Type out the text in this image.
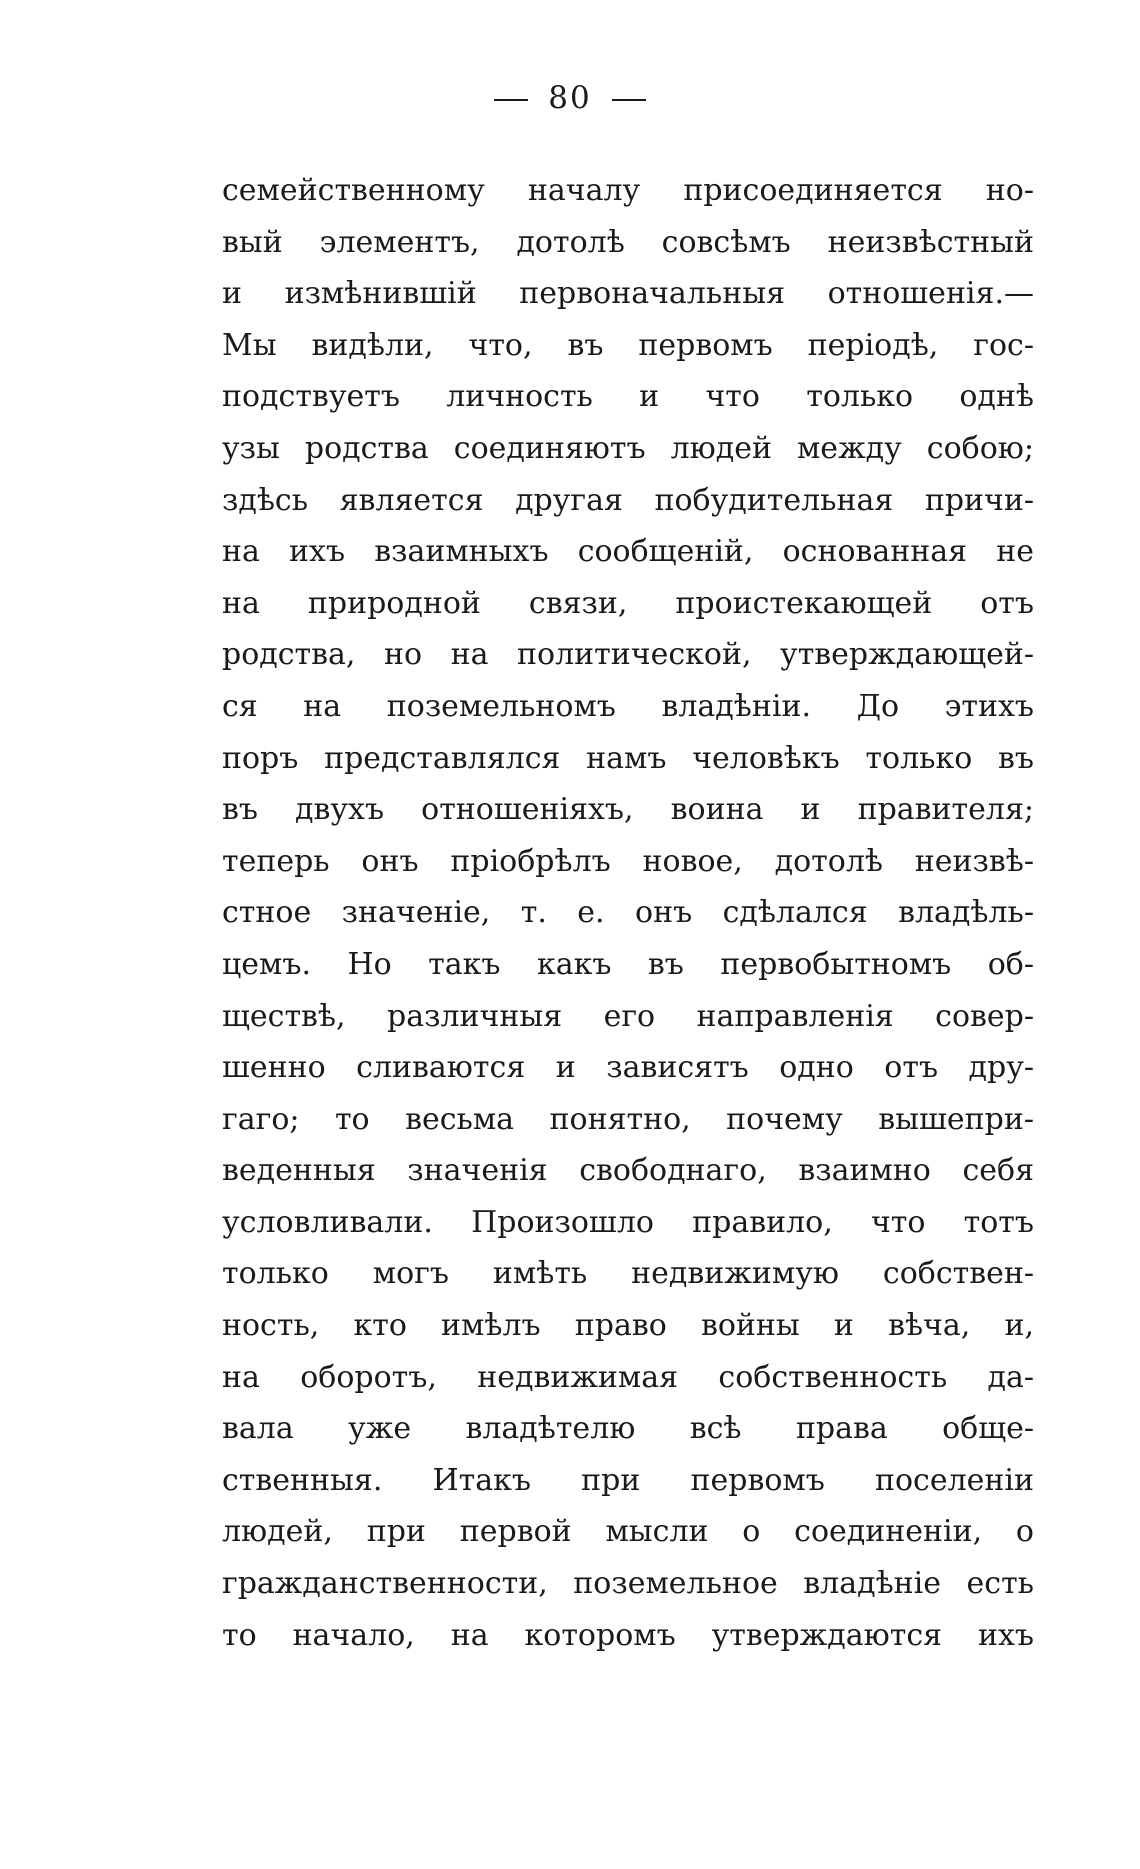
80
семейственному началу присоединяется но-
вый элементъ, дотолѣ совсѣмъ неизвѣстный
и измѣнившій первоначальныя отношенія.—
Мы видѣли, что, въ первомъ періодѣ, гос-
подствуетъ личность и что только однѣ
узы родства соединяютъ людей между собою;
здѣсь является другая побудительная причи-
на ихъ взаимныхъ сообщеній, основанная не
на природной связи, проистекающей отъ
родства, но на политической, утверждающей-
ся на поземельномъ владѣніи. До этихъ
поръ представлялся намъ человѣкъ только въ
въ двухъ отношеніяхъ, воина и правителя;
теперь онъ пріобрѣлъ новое, дотолѣ неизвѣ-
стное значеніе, т. е. онъ сдѣлался владѣль-
цемъ. Но такъ какъ въ первобытномъ об-
ществѣ, различныя его направленія совер-
шенно сливаются и зависятъ одно отъ дру-
гаго; то весьма понятно, почему вышепри-
веденныя значенія свободнаго, взаимно себя
условливали. Произошло правило, что тотъ
только могъ имѣть недвижимую собствен-
ность, кто имѣлъ право войны и вѣча, и,
на оборотъ, недвижимая собственность да-
вала уже владѣтелю всѣ права обще-
ственныя. Итакъ при первомъ поселеніи
людей, при первой мысли о соединеніи, о
гражданственности, поземельное владѣніе есть
то начало, на которомъ утверждаются ихъ
